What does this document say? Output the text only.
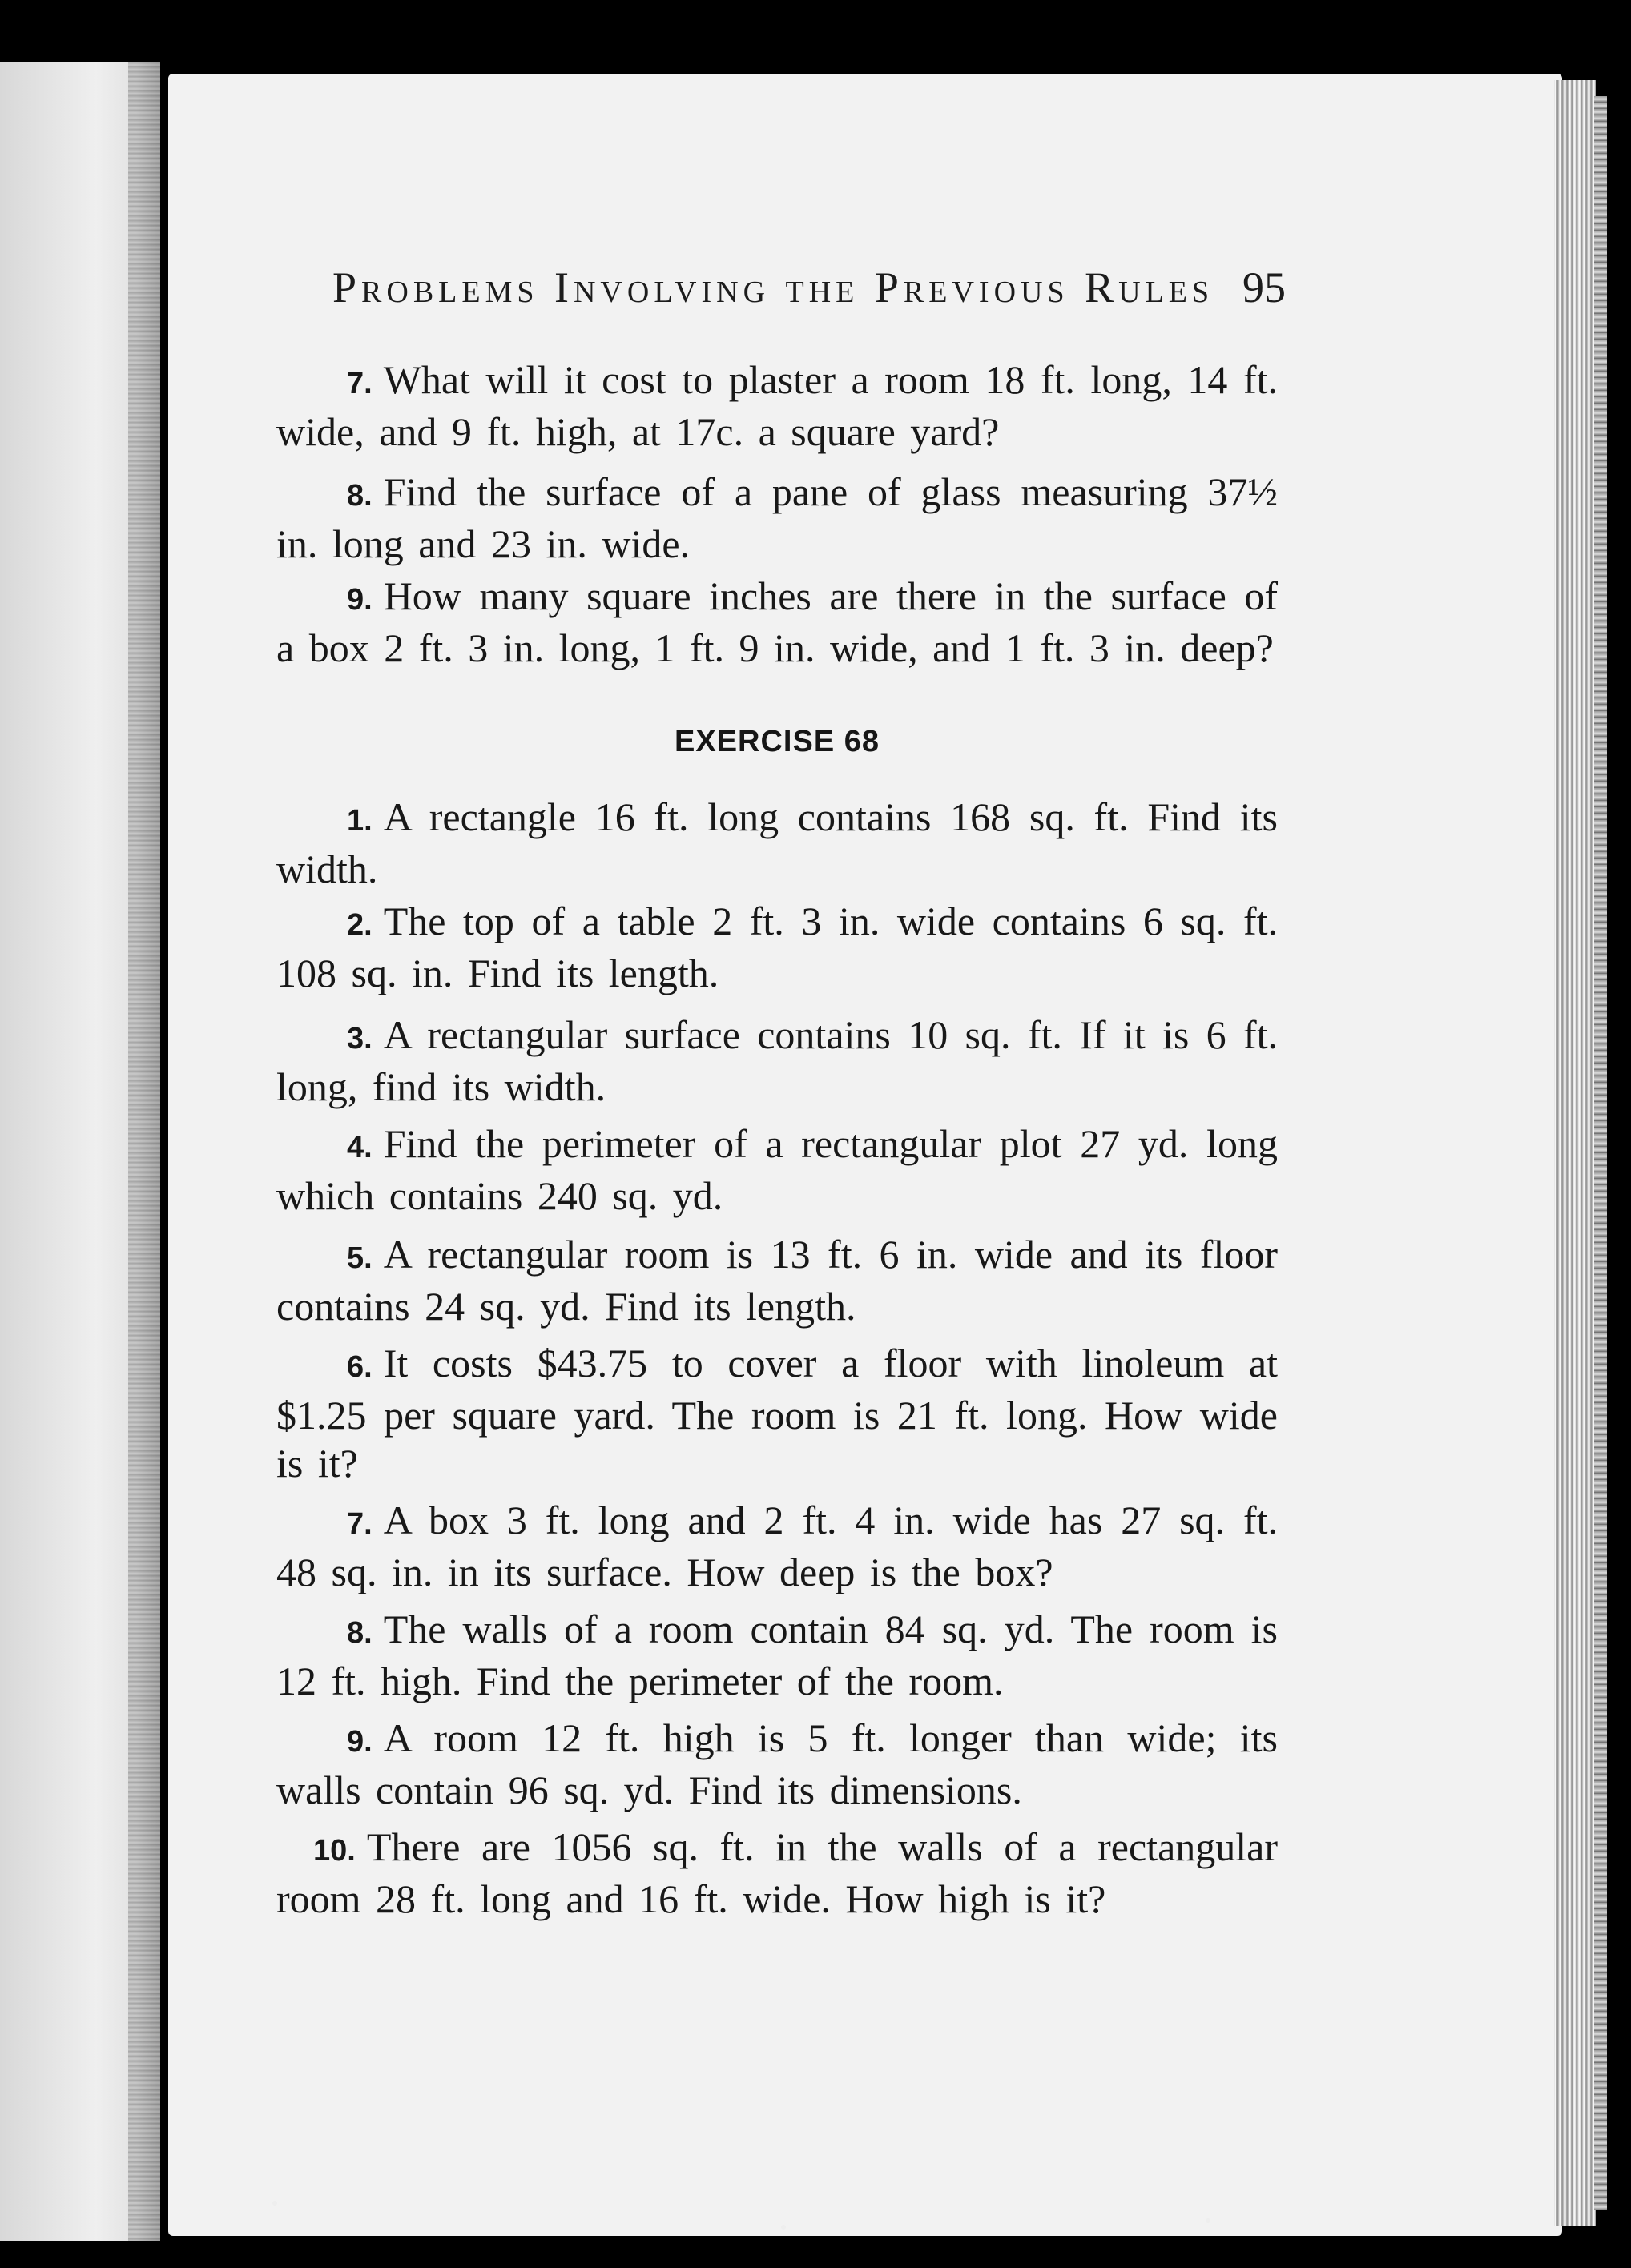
Problems Involving the Previous Rules 95
7. What will it cost to plaster a room 18 ft. long, 14 ft. wide, and 9 ft. high, at 17c. a square yard?
8. Find the surface of a pane of glass measuring 37½ in. long and 23 in. wide.
9. How many square inches are there in the surface of a box 2 ft. 3 in. long, 1 ft. 9 in. wide, and 1 ft. 3 in. deep?
EXERCISE 68
1. A rectangle 16 ft. long contains 168 sq. ft. Find its width.
2. The top of a table 2 ft. 3 in. wide contains 6 sq. ft. 108 sq. in. Find its length.
3. A rectangular surface contains 10 sq. ft. If it is 6 ft. long, find its width.
4. Find the perimeter of a rectangular plot 27 yd. long which contains 240 sq. yd.
5. A rectangular room is 13 ft. 6 in. wide and its floor contains 24 sq. yd. Find its length.
6. It costs $43.75 to cover a floor with linoleum at $1.25 per square yard. The room is 21 ft. long. How wide is it?
7. A box 3 ft. long and 2 ft. 4 in. wide has 27 sq. ft. 48 sq. in. in its surface. How deep is the box?
8. The walls of a room contain 84 sq. yd. The room is 12 ft. high. Find the perimeter of the room.
9. A room 12 ft. high is 5 ft. longer than wide; its walls contain 96 sq. yd. Find its dimensions.
10. There are 1056 sq. ft. in the walls of a rectangular room 28 ft. long and 16 ft. wide. How high is it?
